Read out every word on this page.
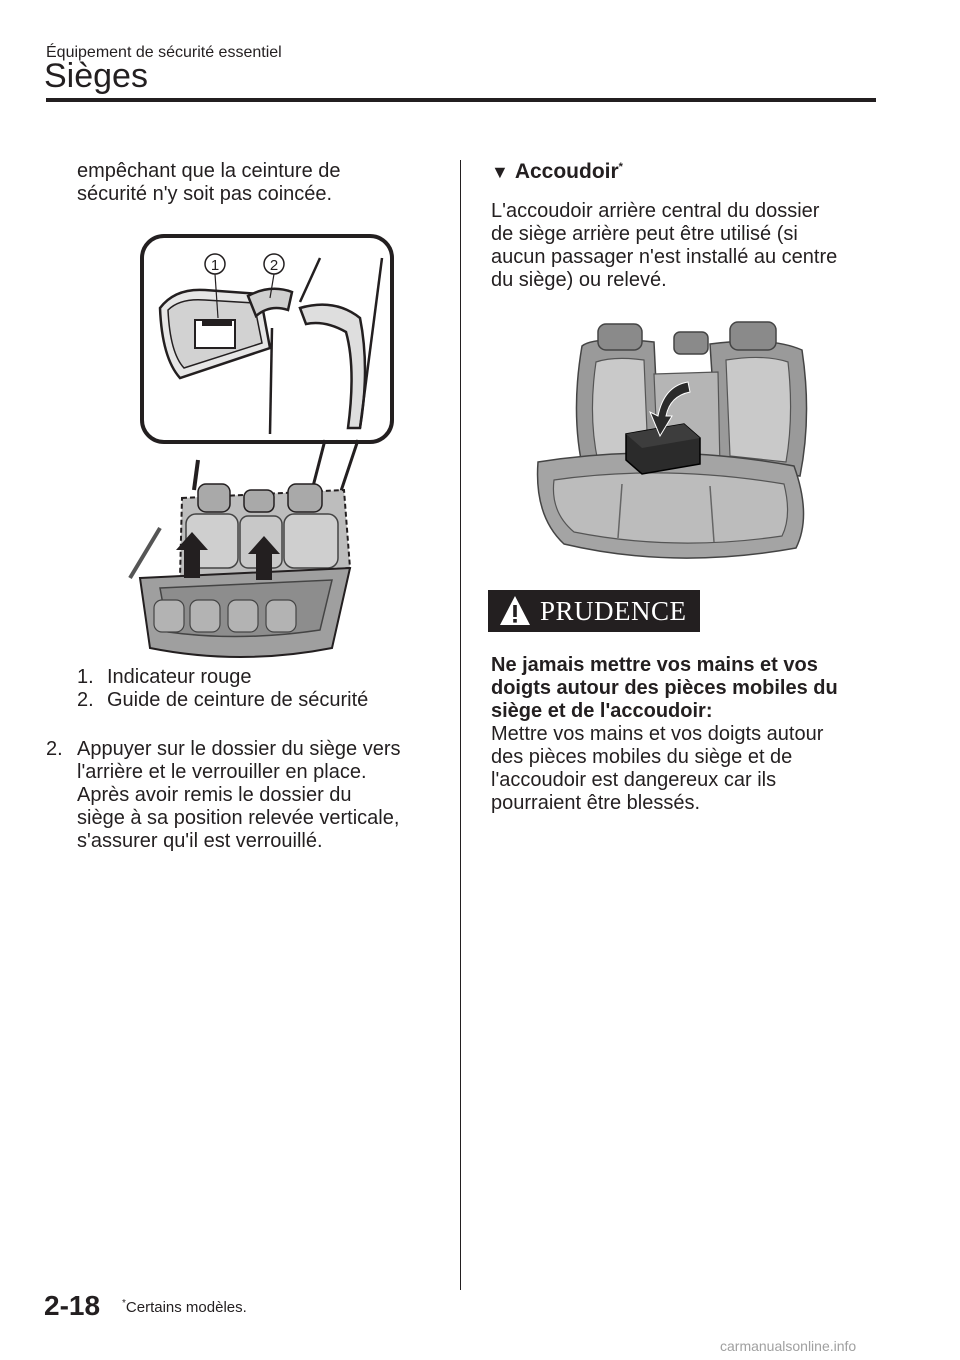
Équipement de sécurité essentiel
Sièges
empêchant que la ceinture de
sécurité n'y soit pas coincée.
1	2
1. Indicateur rouge
2. Guide de ceinture de sécurité
2. Appuyer sur le dossier du siège vers
l'arrière et le verrouiller en place.
Après avoir remis le dossier du
siège à sa position relevée verticale,
s'assurer qu'il est verrouillé.
▼ Accoudoir*
L'accoudoir arrière central du dossier
de siège arrière peut être utilisé (si
aucun passager n'est installé au centre
du siège) ou relevé.
PRUDENCE
Ne jamais mettre vos mains et vos
doigts autour des pièces mobiles du
siège et de l'accoudoir:
Mettre vos mains et vos doigts autour
des pièces mobiles du siège et de
l'accoudoir est dangereux car ils
pourraient être blessés.
2-18 *Certains modèles.
carmanualsonline.info
